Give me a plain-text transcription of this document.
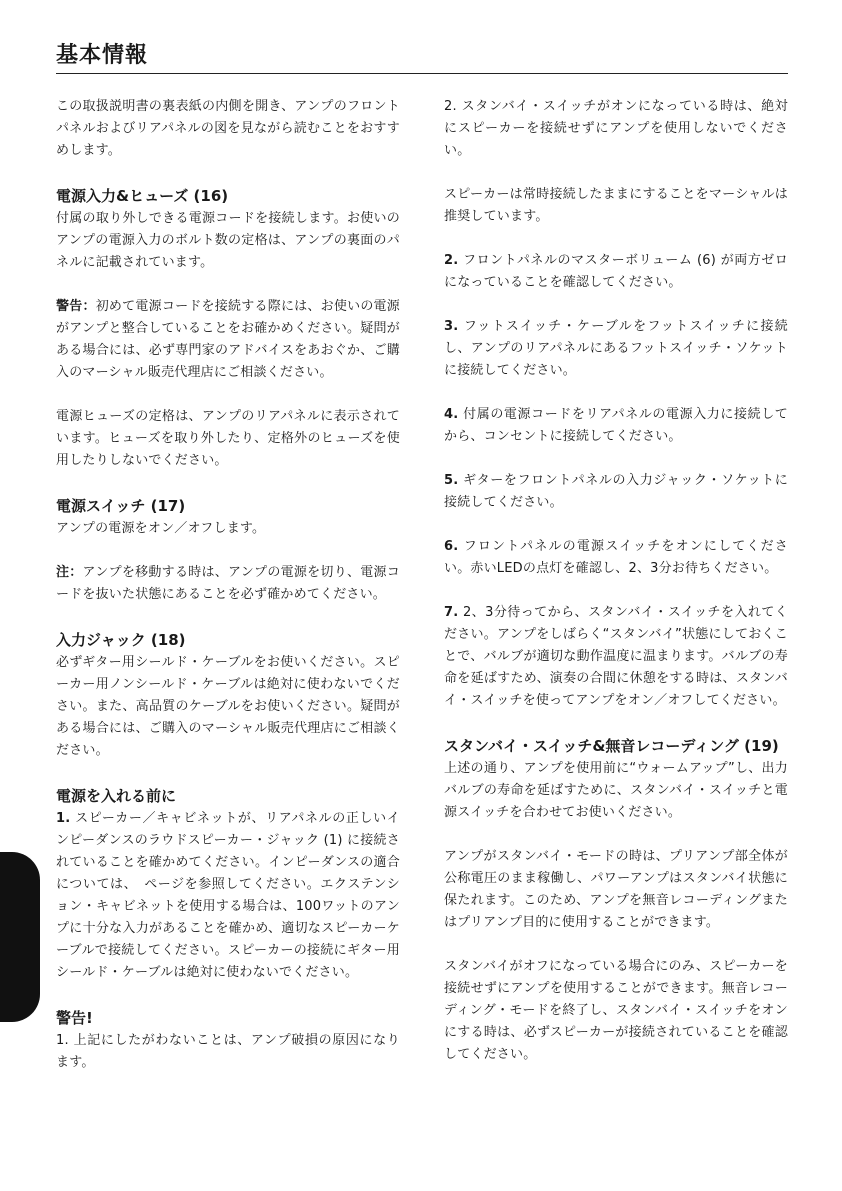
基本情報

この取扱説明書の裏表紙の内側を開き、アンプのフロントパネルおよびリアパネルの図を見ながら読むことをおすすめします。

電源入力&ヒューズ (16)

付属の取り外しできる電源コードを接続します。お使いのアンプの電源入力のボルト数の定格は、アンプの裏面のパネルに記載されています。

警告：初めて電源コードを接続する際には、お使いの電源がアンプと整合していることをお確かめください。疑問がある場合には、必ず専門家のアドバイスをあおぐか、ご購入のマーシャル販売代理店にご相談ください。

電源ヒューズの定格は、アンプのリアパネルに表示されています。ヒューズを取り外したり、定格外のヒューズを使用したりしないでください。

電源スイッチ (17)

アンプの電源をオン／オフします。

注：アンプを移動する時は、アンプの電源を切り、電源コードを抜いた状態にあることを必ず確かめてください。

入力ジャック (18)

必ずギター用シールド・ケーブルをお使いください。スピーカー用ノンシールド・ケーブルは絶対に使わないでください。また、高品質のケーブルをお使いください。疑問がある場合には、ご購入のマーシャル販売代理店にご相談ください。

電源を入れる前に

1. スピーカー／キャビネットが、リアパネルの正しいインピーダンスのラウドスピーカー・ジャック (1) に接続されていることを確かめてください。インピーダンスの適合については、　ページを参照してください。エクステンション・キャビネットを使用する場合は、100ワットのアンプに十分な入力があることを確かめ、適切なスピーカーケーブルで接続してください。スピーカーの接続にギター用シールド・ケーブルは絶対に使わないでください。

警告!

1. 上記にしたがわないことは、アンプ破損の原因になります。

2. スタンバイ・スイッチがオンになっている時は、絶対にスピーカーを接続せずにアンプを使用しないでください。

スピーカーは常時接続したままにすることをマーシャルは推奨しています。

2. フロントパネルのマスターボリューム (6) が両方ゼロになっていることを確認してください。

3. フットスイッチ・ケーブルをフットスイッチに接続し、アンプのリアパネルにあるフットスイッチ・ソケットに接続してください。

4. 付属の電源コードをリアパネルの電源入力に接続してから、コンセントに接続してください。

5. ギターをフロントパネルの入力ジャック・ソケットに接続してください。

6. フロントパネルの電源スイッチをオンにしてください。赤いLEDの点灯を確認し、2、3分お待ちください。

7. 2、3分待ってから、スタンバイ・スイッチを入れてください。アンプをしばらく“スタンバイ”状態にしておくことで、バルブが適切な動作温度に温まります。バルブの寿命を延ばすため、演奏の合間に休憩をする時は、スタンバイ・スイッチを使ってアンプをオン／オフしてください。

スタンバイ・スイッチ&無音レコーディング (19)

上述の通り、アンプを使用前に“ウォームアップ”し、出力バルブの寿命を延ばすために、スタンバイ・スイッチと電源スイッチを合わせてお使いください。

アンプがスタンバイ・モードの時は、プリアンプ部全体が公称電圧のまま稼働し、パワーアンプはスタンバイ状態に保たれます。このため、アンプを無音レコーディングまたはプリアンプ目的に使用することができます。

スタンバイがオフになっている場合にのみ、スピーカーを接続せずにアンプを使用することができます。無音レコーディング・モードを終了し、スタンバイ・スイッチをオンにする時は、必ずスピーカーが接続されていることを確認してください。
